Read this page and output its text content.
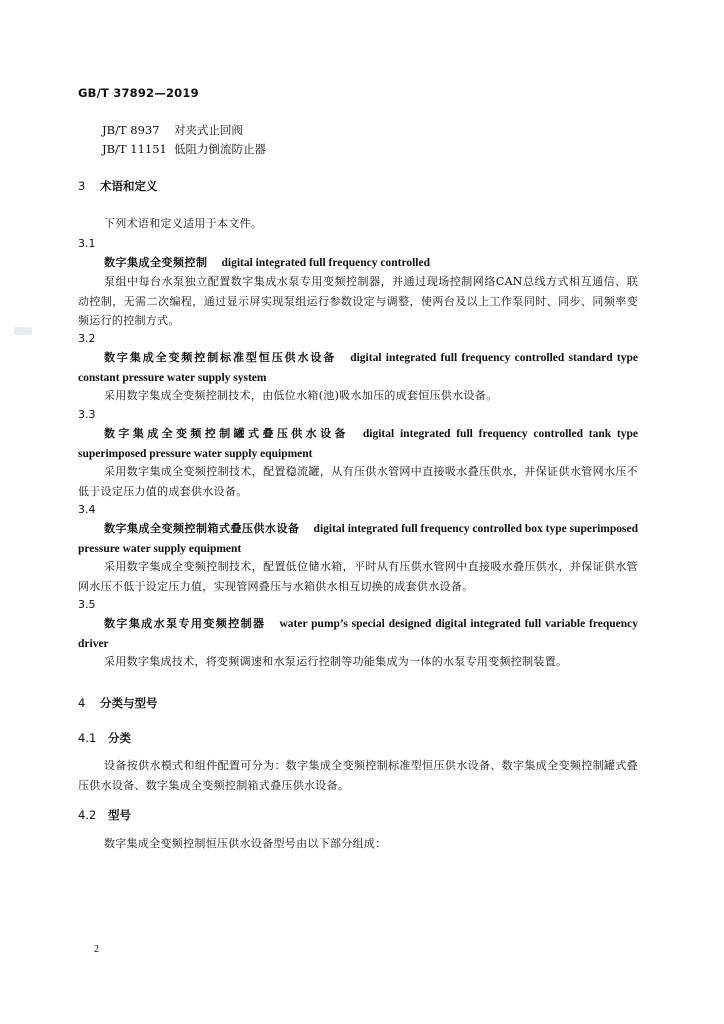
GB/T 37892—2019
JB/T 8937 对夹式止回阀
JB/T 11151 低阻力倒流防止器
3 术语和定义
下列术语和定义适用于本文件。
3.1
数字集成全变频控制 digital integrated full frequency controlled
泵组中每台水泵独立配置数字集成水泵专用变频控制器，并通过现场控制网络CAN总线方式相互通信、联动控制，无需二次编程，通过显示屏实现泵组运行参数设定与调整，使两台及以上工作泵同时、同步、同频率变频运行的控制方式。
3.2
数字集成全变频控制标准型恒压供水设备 digital integrated full frequency controlled standard type constant pressure water supply system
采用数字集成全变频控制技术，由低位水箱(池)吸水加压的成套恒压供水设备。
3.3
数字集成全变频控制罐式叠压供水设备 digital integrated full frequency controlled tank type superimposed pressure water supply equipment
采用数字集成全变频控制技术，配置稳流罐，从有压供水管网中直接吸水叠压供水，并保证供水管网水压不低于设定压力值的成套供水设备。
3.4
数字集成全变频控制箱式叠压供水设备 digital integrated full frequency controlled box type superimposed pressure water supply equipment
采用数字集成全变频控制技术，配置低位储水箱，平时从有压供水管网中直接吸水叠压供水，并保证供水管网水压不低于设定压力值，实现管网叠压与水箱供水相互切换的成套供水设备。
3.5
数字集成水泵专用变频控制器 water pump’s special designed digital integrated full variable frequency driver
采用数字集成技术，将变频调速和水泵运行控制等功能集成为一体的水泵专用变频控制装置。
4 分类与型号
4.1 分类
设备按供水模式和组件配置可分为：数字集成全变频控制标准型恒压供水设备、数字集成全变频控制罐式叠压供水设备、数字集成全变频控制箱式叠压供水设备。
4.2 型号
数字集成全变频控制恒压供水设备型号由以下部分组成：
2
